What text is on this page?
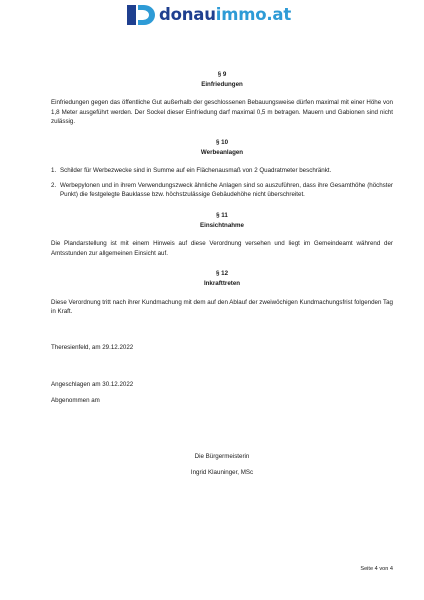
donauimmo.at
§ 9
Einfriedungen

Einfriedungen gegen das öffentliche Gut außerhalb der geschlossenen Bebauungsweise dürfen maximal mit einer Höhe von 1,8 Meter ausgeführt werden. Der Sockel dieser Einfriedung darf maximal 0,5 m betragen. Mauern und Gabionen sind nicht zulässig.

§ 10
Werbeanlagen
1. Schilder für Werbezwecke sind in Summe auf ein Flächenausmaß von 2 Quadratmeter beschränkt.
2. Werbepylonen und in ihrem Verwendungszweck ähnliche Anlagen sind so auszuführen, dass ihre Gesamthöhe (höchster Punkt) die festgelegte Bauklasse bzw. höchstzulässige Gebäudehöhe nicht überschreitet.
§ 11
Einsichtnahme

Die Plandarstellung ist mit einem Hinweis auf diese Verordnung versehen und liegt im Gemeindeamt während der Amtsstunden zur allgemeinen Einsicht auf.

§ 12
Inkrafttreten

Diese Verordnung tritt nach ihrer Kundmachung mit dem auf den Ablauf der zweiwöchigen Kundmachungsfrist folgenden Tag in Kraft.

Theresienfeld, am 29.12.2022

Angeschlagen am 30.12.2022

Abgenommen am

Die Bürgermeisterin

Ingrid Klauninger, MSc

Seite 4 von 4
